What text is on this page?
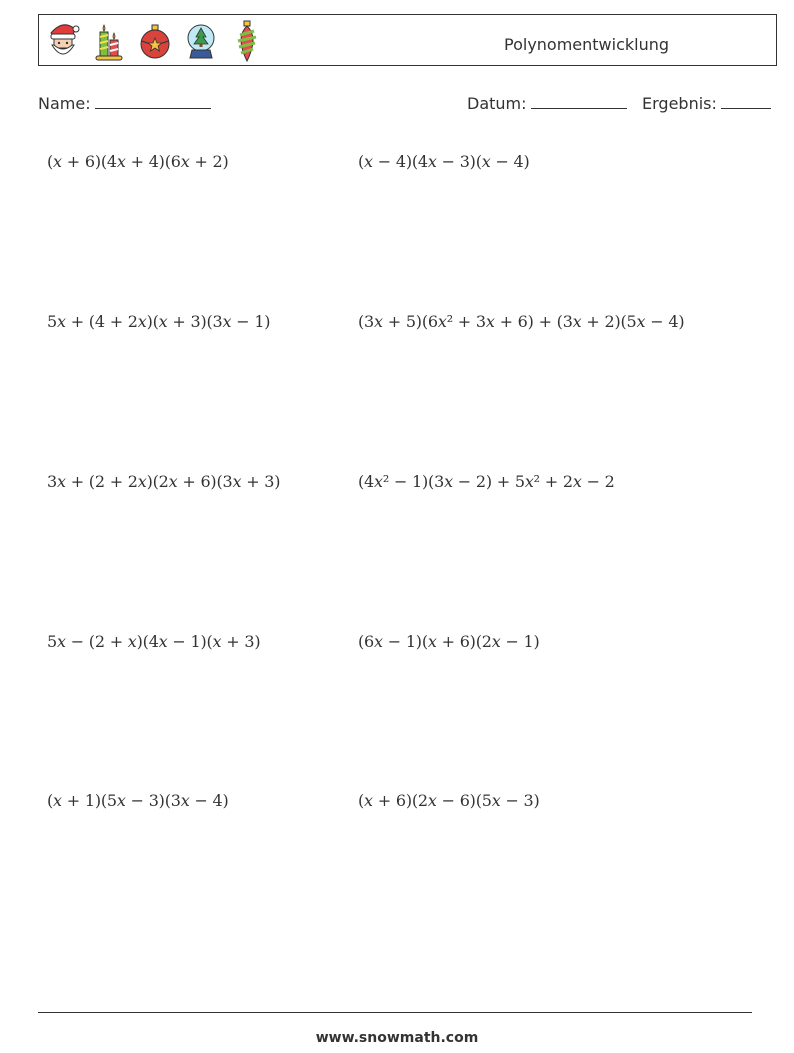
Polynomentwicklung
Name:	Datum:	Ergebnis:
(𝑥 + 6)(4𝑥 + 4)(6𝑥 + 2)	(𝑥 − 4)(4𝑥 − 3)(𝑥 − 4)
5𝑥 + (4 + 2𝑥)(𝑥 + 3)(3𝑥 − 1)	(3𝑥 + 5)(6𝑥² + 3𝑥 + 6) + (3𝑥 + 2)(5𝑥 − 4)
3𝑥 + (2 + 2𝑥)(2𝑥 + 6)(3𝑥 + 3)	(4𝑥² − 1)(3𝑥 − 2) + 5𝑥² + 2𝑥 − 2
5𝑥 − (2 + 𝑥)(4𝑥 − 1)(𝑥 + 3)	(6𝑥 − 1)(𝑥 + 6)(2𝑥 − 1)
(𝑥 + 1)(5𝑥 − 3)(3𝑥 − 4)	(𝑥 + 6)(2𝑥 − 6)(5𝑥 − 3)
www.snowmath.com
